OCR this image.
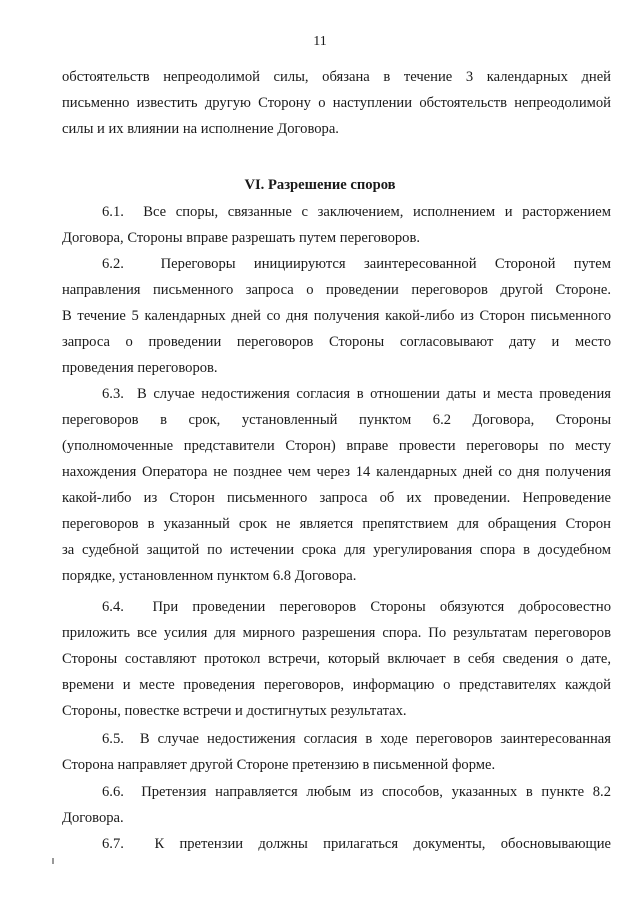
11
обстоятельств непреодолимой силы, обязана в течение 3 календарных дней
письменно известить другую Сторону о наступлении обстоятельств непреодолимой
силы и их влиянии на исполнение Договора.
VI. Разрешение споров
6.1. Все споры, связанные с заключением, исполнением и расторжением
Договора, Стороны вправе разрешать путем переговоров.
6.2.	Переговоры инициируются заинтересованной Стороной путем
направления письменного запроса о проведении переговоров другой Стороне.
В течение 5 календарных дней со дня получения какой-либо из Сторон письменного
запроса о проведении переговоров Стороны согласовывают дату и место
проведения переговоров.
6.3. В случае недостижения согласия в отношении даты и места проведения
переговоров в срок, установленный пунктом 6.2 Договора, Стороны
(уполномоченные представители Сторон) вправе провести переговоры по месту
нахождения Оператора не позднее чем через 14 календарных дней со дня получения
какой-либо из Сторон письменного запроса об их проведении. Непроведение
переговоров в указанный срок не является препятствием для обращения Сторон
за судебной защитой по истечении срока для урегулирования спора в досудебном
порядке, установленном пунктом 6.8 Договора.
6.4. При проведении переговоров Стороны обязуются добросовестно
приложить все усилия для мирного разрешения спора. По результатам переговоров
Стороны составляют протокол встречи, который включает в себя сведения о дате,
времени и месте проведения переговоров, информацию о представителях каждой
Стороны, повестке встречи и достигнутых результатах.
6.5. В случае недостижения согласия в ходе переговоров заинтересованная
Сторона направляет другой Стороне претензию в письменной форме.
6.6. Претензия направляется любым из способов, указанных в пункте 8.2
Договора.
6.7. К претензии должны прилагаться документы, обосновывающие
